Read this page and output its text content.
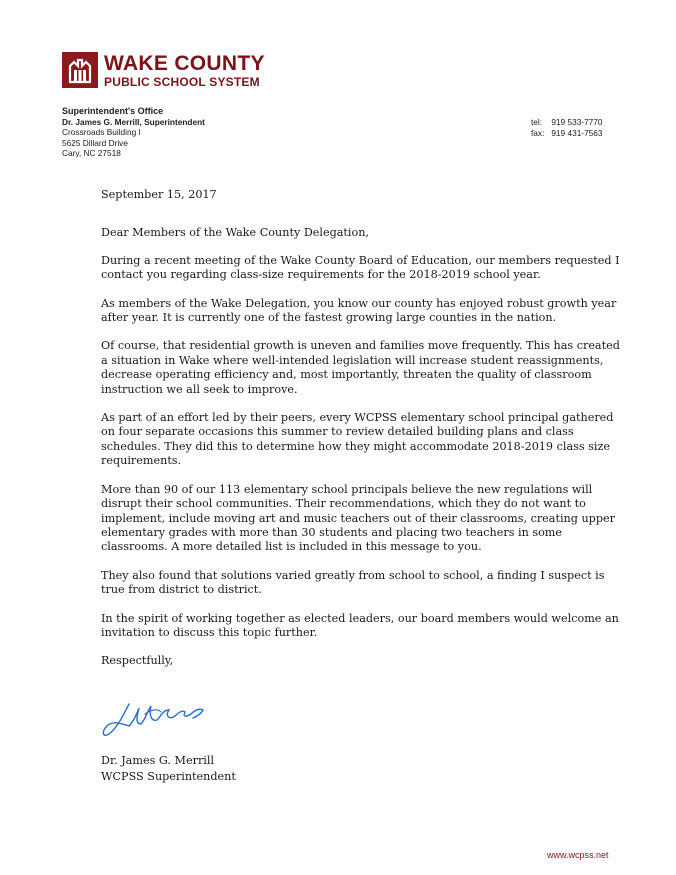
WAKE COUNTY
PUBLIC SCHOOL SYSTEM
Superintendent's Office
Dr. James G. Merrill, Superintendent
Crossroads Building I
5625 Dillard Drive
Cary, NC 27518
tel: 919 533-7770
fax: 919 431-7563

September 15, 2017

Dear Members of the Wake County Delegation,

During a recent meeting of the Wake County Board of Education, our members requested I contact you regarding class-size requirements for the 2018-2019 school year.

As members of the Wake Delegation, you know our county has enjoyed robust growth year after year. It is currently one of the fastest growing large counties in the nation.

Of course, that residential growth is uneven and families move frequently. This has created a situation in Wake where well-intended legislation will increase student reassignments, decrease operating efficiency and, most importantly, threaten the quality of classroom instruction we all seek to improve.

As part of an effort led by their peers, every WCPSS elementary school principal gathered on four separate occasions this summer to review detailed building plans and class schedules. They did this to determine how they might accommodate 2018-2019 class size requirements.

More than 90 of our 113 elementary school principals believe the new regulations will disrupt their school communities. Their recommendations, which they do not want to implement, include moving art and music teachers out of their classrooms, creating upper elementary grades with more than 30 students and placing two teachers in some classrooms. A more detailed list is included in this message to you.

They also found that solutions varied greatly from school to school, a finding I suspect is true from district to district.

In the spirit of working together as elected leaders, our board members would welcome an invitation to discuss this topic further.

Respectfully,

Dr. James G. Merrill
WCPSS Superintendent
www.wcpss.net
